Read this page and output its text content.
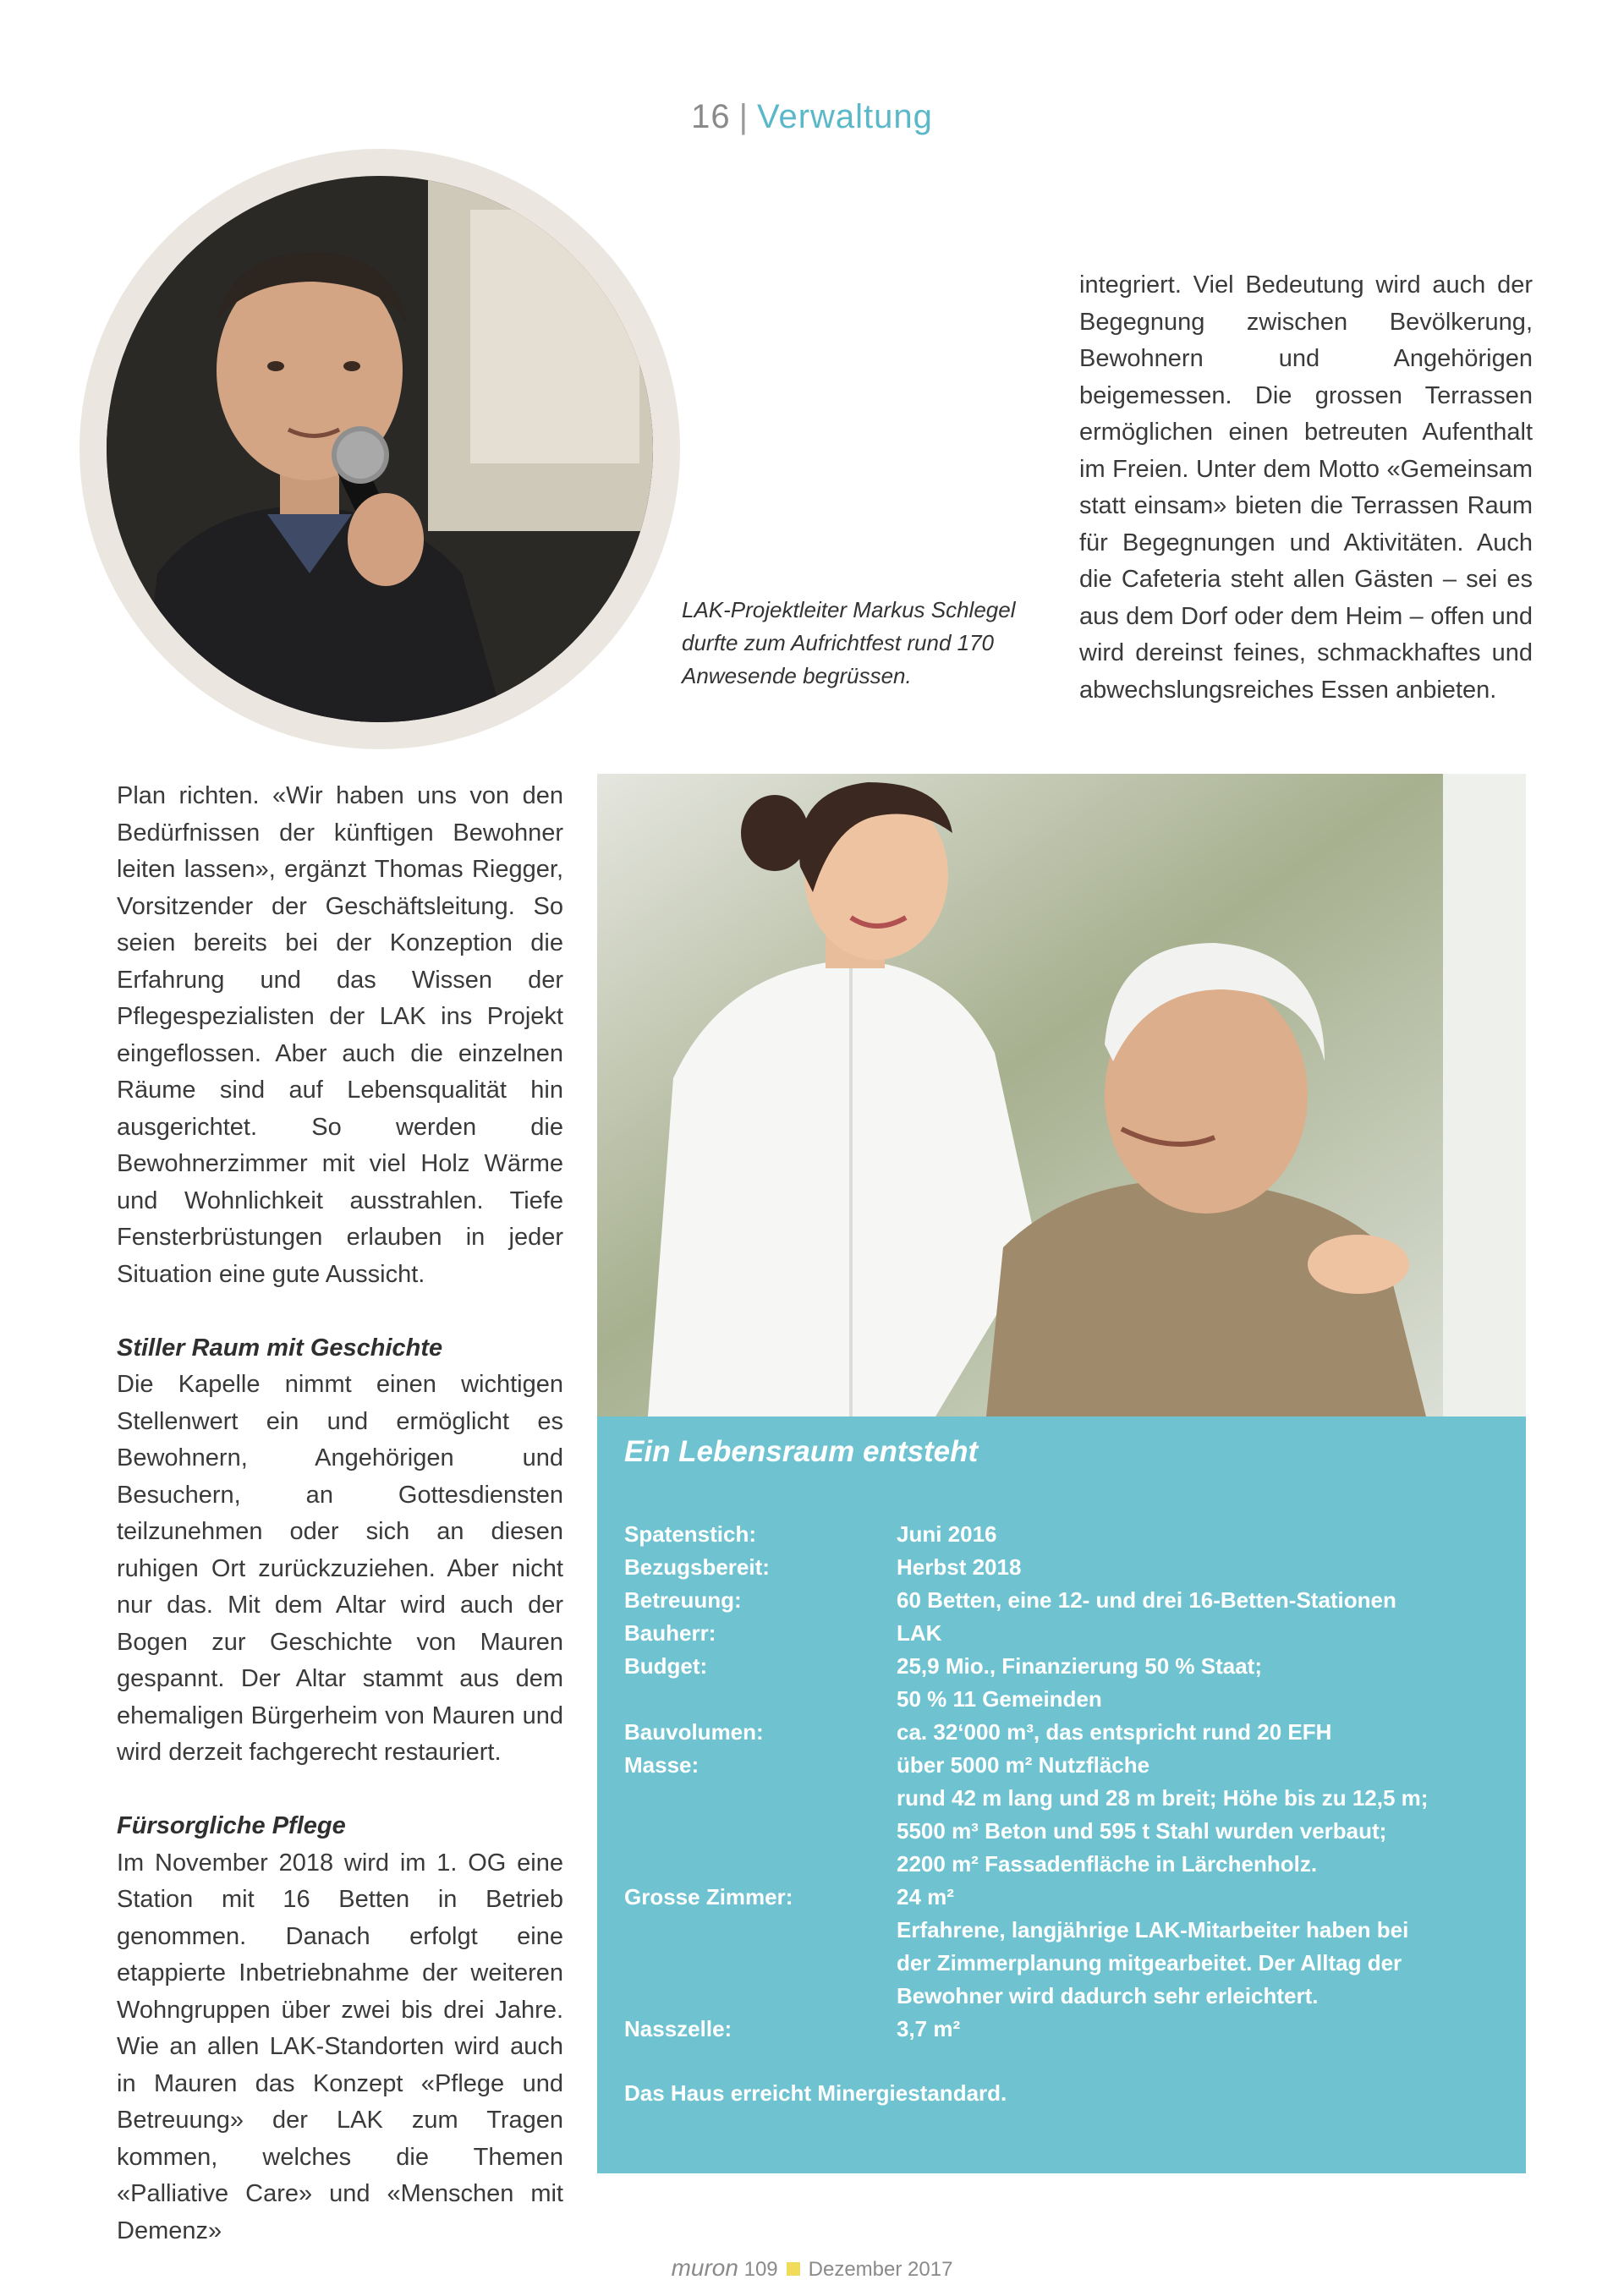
16 | Verwaltung
LAK-Projektleiter Markus Schlegel durfte zum Aufrichtfest rund 170 Anwesende begrüssen.
integriert. Viel Bedeutung wird auch der Begegnung zwischen Bevölkerung, Bewohnern und Angehörigen beigemessen. Die grossen Terrassen ermöglichen einen betreuten Aufenthalt im Freien. Unter dem Motto «Gemeinsam statt einsam» bieten die Terrassen Raum für Begegnungen und Aktivitäten. Auch die Cafeteria steht allen Gästen – sei es aus dem Dorf oder dem Heim – offen und wird dereinst feines, schmackhaftes und abwechslungsreiches Essen anbieten.

Plan richten. «Wir haben uns von den Bedürfnissen der künftigen Bewohner leiten lassen», ergänzt Thomas Riegger, Vorsitzender der Geschäftsleitung. So seien bereits bei der Konzeption die Erfahrung und das Wissen der Pflegespezialisten der LAK ins Projekt eingeflossen. Aber auch die einzelnen Räume sind auf Lebensqualität hin ausgerichtet. So werden die Bewohnerzimmer mit viel Holz Wärme und Wohnlichkeit ausstrahlen. Tiefe Fensterbrüstungen erlauben in jeder Situation eine gute Aussicht.

Stiller Raum mit Geschichte

Die Kapelle nimmt einen wichtigen Stellenwert ein und ermöglicht es Bewohnern, Angehörigen und Besuchern, an Gottesdiensten teilzunehmen oder sich an diesen ruhigen Ort zurückzuziehen. Aber nicht nur das. Mit dem Altar wird auch der Bogen zur Geschichte von Mauren gespannt. Der Altar stammt aus dem ehemaligen Bürgerheim von Mauren und wird derzeit fachgerecht restauriert.

Fürsorgliche Pflege

Im November 2018 wird im 1. OG eine Station mit 16 Betten in Betrieb genommen. Danach erfolgt eine etappierte Inbetriebnahme der weiteren Wohngruppen über zwei bis drei Jahre. Wie an allen LAK-Standorten wird auch in Mauren das Konzept «Pflege und Betreuung» der LAK zum Tragen kommen, welches die Themen «Palliative Care» und «Menschen mit Demenz»

Ein Lebensraum entsteht
Spatenstich:	Juni 2016
Bezugsbereit:	Herbst 2018
Betreuung:	60 Betten, eine 12- und drei 16-Betten-Stationen
Bauherr:	LAK
Budget:	25,9 Mio., Finanzierung 50 % Staat;
50 % 11 Gemeinden
Bauvolumen:	ca. 32‘000 m³, das entspricht rund 20 EFH
Masse:	über 5000 m² Nutzfläche
rund 42 m lang und 28 m breit; Höhe bis zu 12,5 m;
5500 m³ Beton und 595 t Stahl wurden verbaut;
2200 m² Fassadenfläche in Lärchenholz.
Grosse Zimmer:	24 m²
Erfahrene, langjährige LAK-Mitarbeiter haben bei
der Zimmerplanung mitgearbeitet. Der Alltag der
Bewohner wird dadurch sehr erleichtert.
Nasszelle:	3,7 m²
Das Haus erreicht Minergiestandard.
muron 109 Dezember 2017
